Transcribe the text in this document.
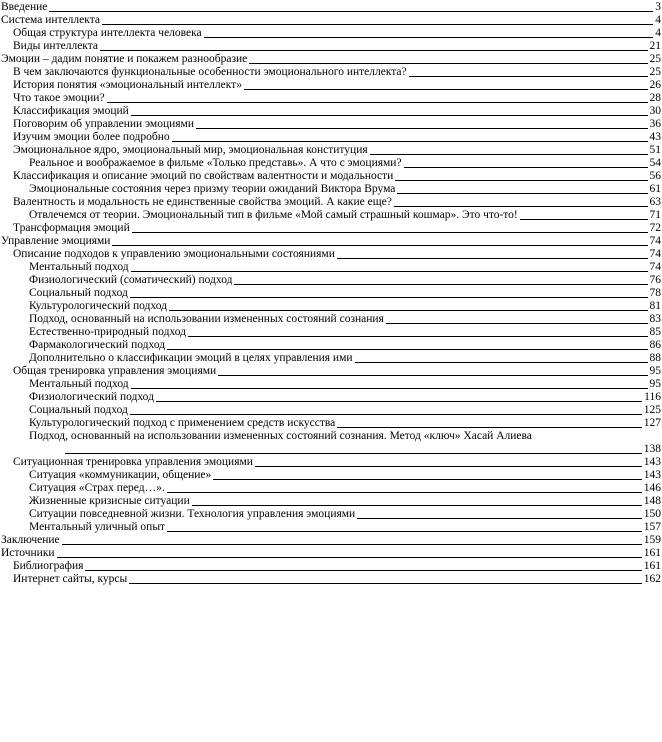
Введение	3
Система интеллекта	4
Общая структура интеллекта человека	4
Виды интеллекта	21
Эмоции – дадим понятие и покажем разнообразие	25
В чем заключаются функциональные особенности эмоционального интеллекта?	25
История понятия «эмоциональный интеллект»	26
Что такое эмоции?	28
Классификация эмоций	30
Поговорим об управлении эмоциями	36
Изучим эмоции более подробно	43
Эмоциональное ядро, эмоциональный мир, эмоциональная конституция	51
Реальное и воображаемое в фильме «Только представь». А что с эмоциями?	54
Классификация и описание эмоций по свойствам валентности и модальности	56
Эмоциональные состояния через призму теории ожиданий Виктора Врума	61
Валентность и модальность не единственные свойства эмоций. А какие еще?	63
Отвлечемся от теории. Эмоциональный тип в фильме «Мой самый страшный кошмар». Это что-то!	71
Трансформация эмоций	72
Управление эмоциями	74
Описание подходов к управлению эмоциональными состояниями	74
Ментальный подход	74
Физиологический (соматический) подход	76
Социальный подход	78
Культурологический подход	81
Подход, основанный на использовании измененных состояний сознания	83
Естественно-природный подход	85
Фармакологический подход	86
Дополнительно о классификации эмоций в целях управления ими	88
Общая тренировка управления эмоциями	95
Ментальный подход	95
Физиологический подход	116
Социальный подход	125
Культурологический подход с применением средств искусства	127
Подход, основанный на использовании измененных состояний сознания. Метод «ключ» Хасай Алиева
138
Ситуационная тренировка управления эмоциями	143
Ситуация «коммуникации, общение»	143
Ситуация «Страх перед…».	146
Жизненные кризисные ситуации	148
Ситуации повседневной жизни. Технология управления эмоциями	150
Ментальный уличный опыт	157
Заключение	159
Источники	161
Библиография	161
Интернет сайты, курсы	162
